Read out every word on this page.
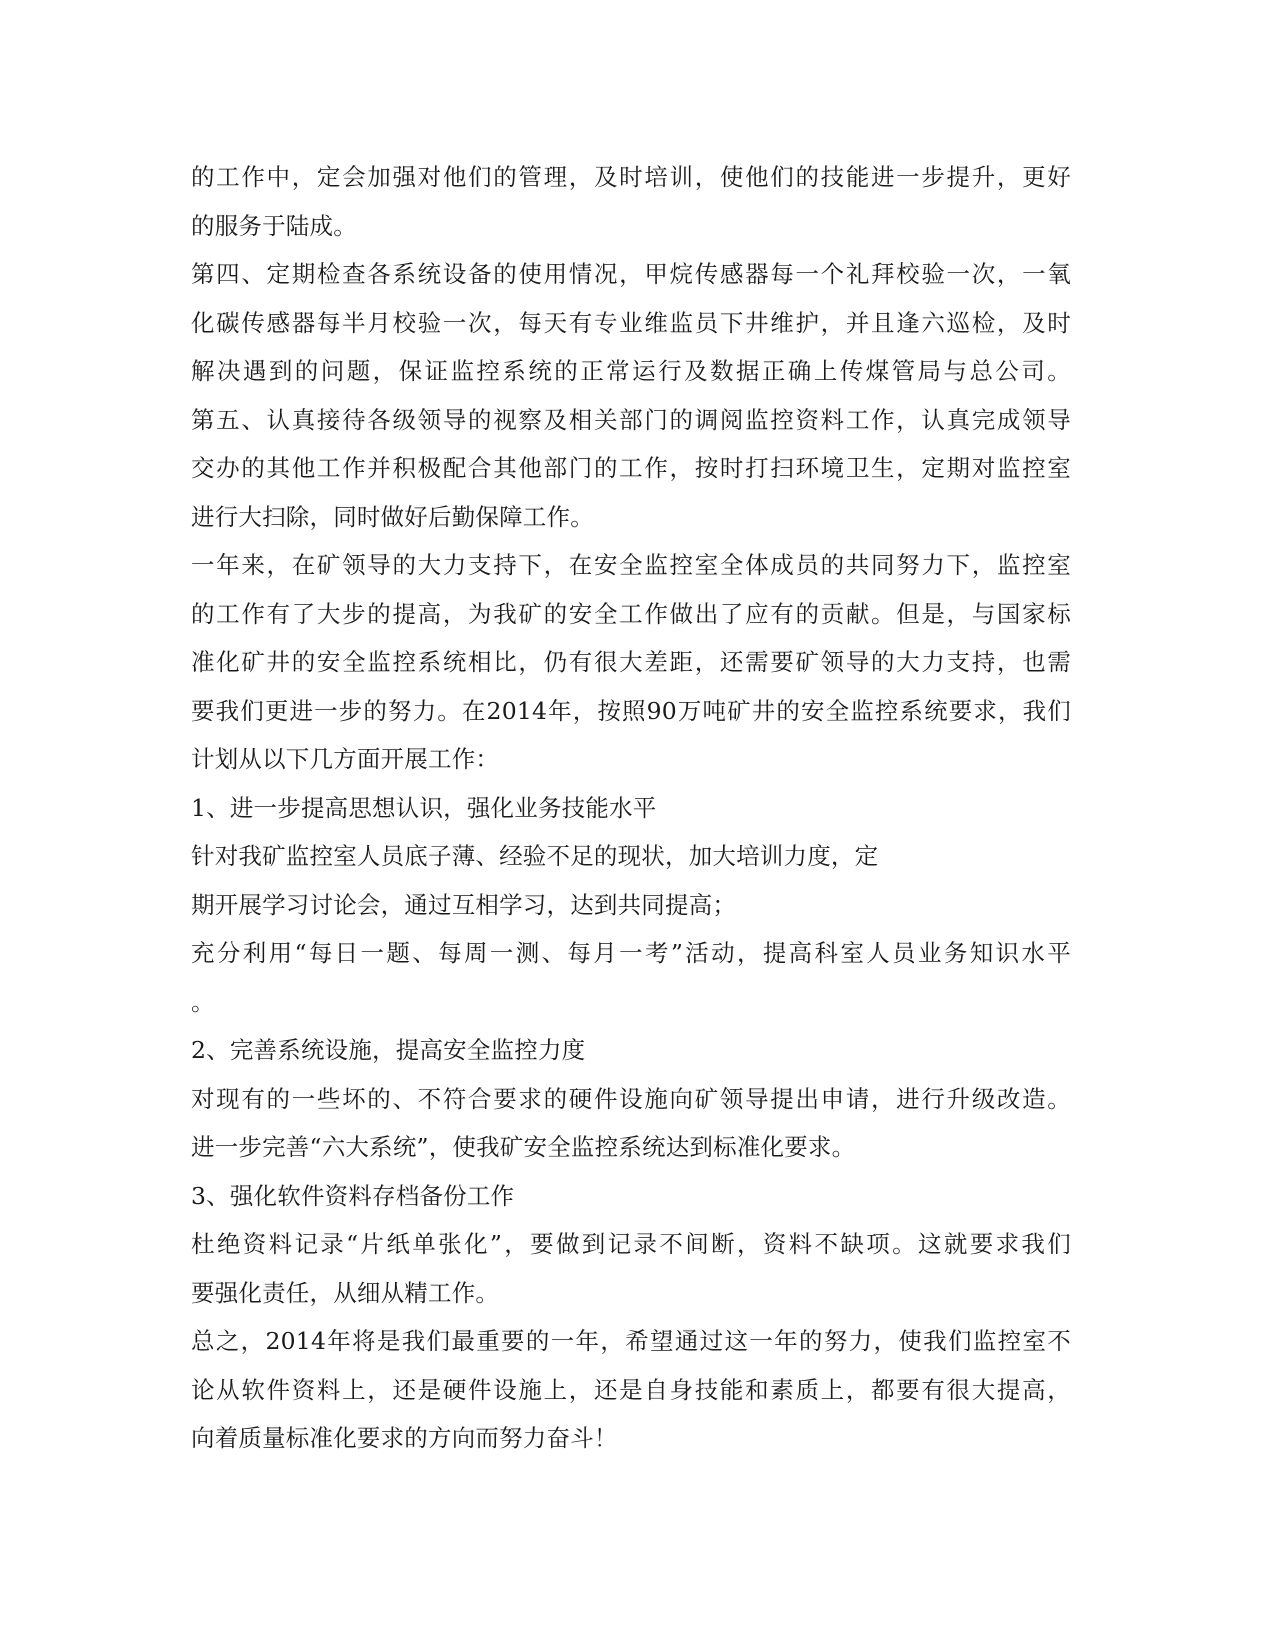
的工作中，定会加强对他们的管理，及时培训，使他们的技能进一步提升，更好
的服务于陆成。
第四、定期检查各系统设备的使用情况，甲烷传感器每一个礼拜校验一次，一氧
化碳传感器每半月校验一次，每天有专业维监员下井维护，并且逢六巡检，及时
解决遇到的问题，保证监控系统的正常运行及数据正确上传煤管局与总公司。
第五、认真接待各级领导的视察及相关部门的调阅监控资料工作，认真完成领导
交办的其他工作并积极配合其他部门的工作，按时打扫环境卫生，定期对监控室
进行大扫除，同时做好后勤保障工作。
一年来，在矿领导的大力支持下，在安全监控室全体成员的共同努力下，监控室
的工作有了大步的提高，为我矿的安全工作做出了应有的贡献。但是，与国家标
准化矿井的安全监控系统相比，仍有很大差距，还需要矿领导的大力支持，也需
要我们更进一步的努力。在2014年，按照90万吨矿井的安全监控系统要求，我们
计划从以下几方面开展工作：
1、进一步提高思想认识，强化业务技能水平
针对我矿监控室人员底子薄、经验不足的现状，加大培训力度，定
期开展学习讨论会，通过互相学习，达到共同提高；
充分利用“每日一题、每周一测、每月一考”活动，提高科室人员业务知识水平
。
2、完善系统设施，提高安全监控力度
对现有的一些坏的、不符合要求的硬件设施向矿领导提出申请，进行升级改造。
进一步完善“六大系统”，使我矿安全监控系统达到标准化要求。
3、强化软件资料存档备份工作
杜绝资料记录“片纸单张化”，要做到记录不间断，资料不缺项。这就要求我们
要强化责任，从细从精工作。
总之，2014年将是我们最重要的一年，希望通过这一年的努力，使我们监控室不
论从软件资料上，还是硬件设施上，还是自身技能和素质上，都要有很大提高，
向着质量标准化要求的方向而努力奋斗！
